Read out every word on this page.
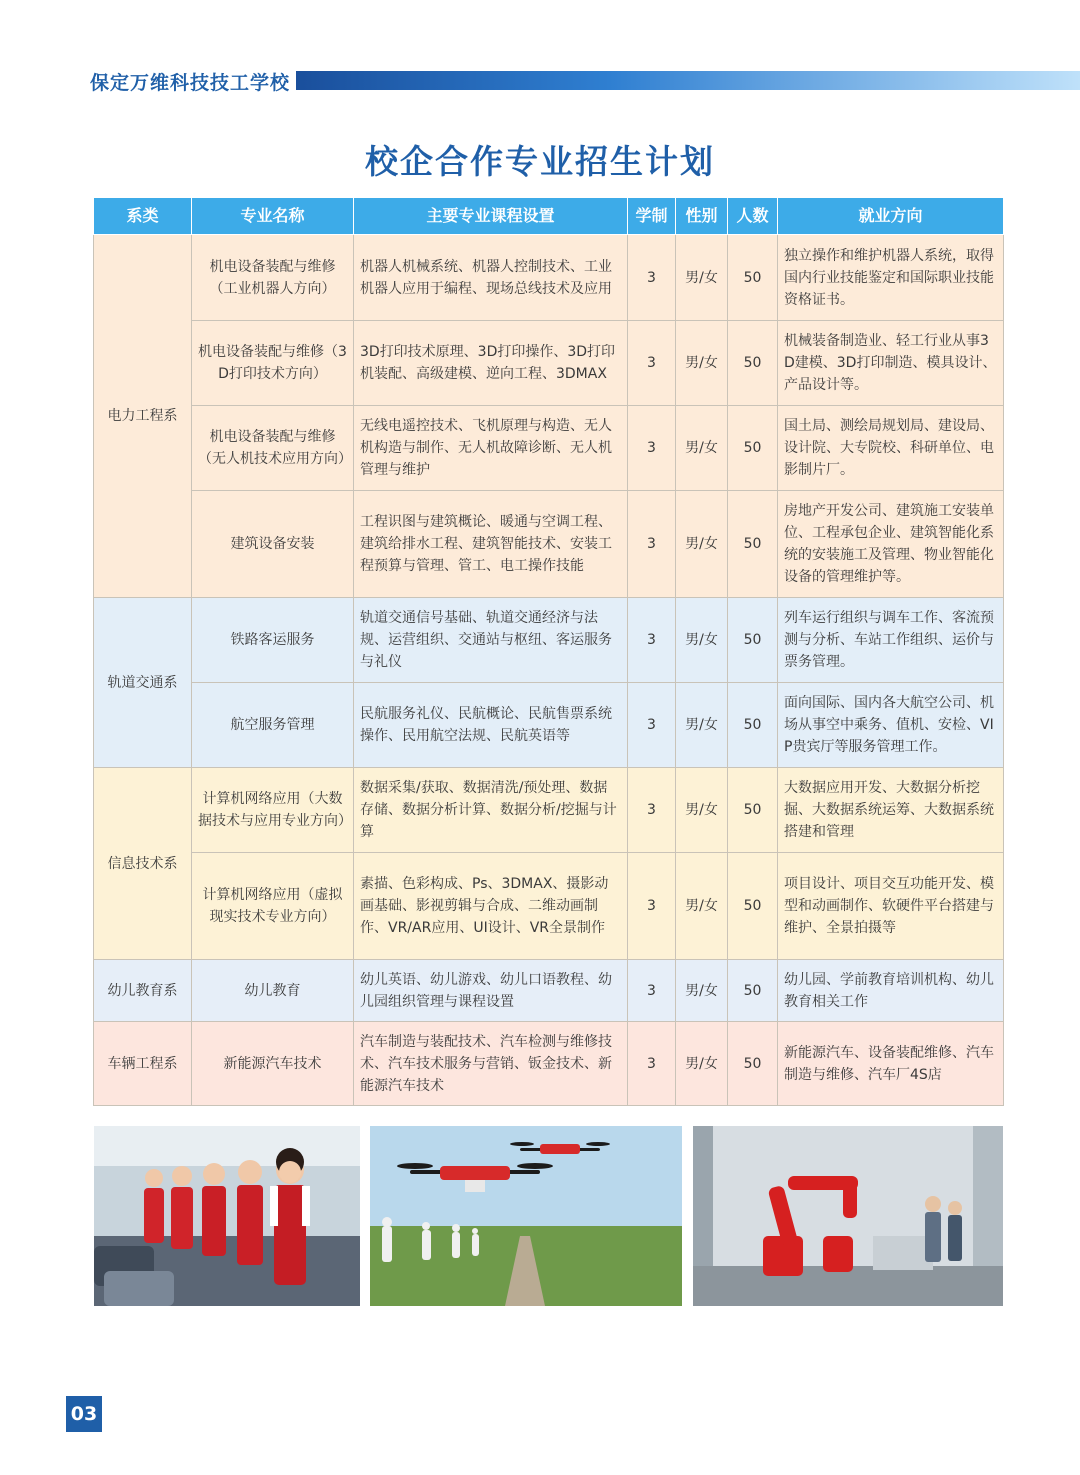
保定万维科技技工学校
校企合作专业招生计划
系类	专业名称	主要专业课程设置	学制	性别	人数	就业方向
电力工程系	机电设备装配与维修（工业机器人方向）	机器人机械系统、机器人控制技术、工业机器人应用于编程、现场总线技术及应用	3	男/女	50	独立操作和维护机器人系统，取得国内行业技能鉴定和国际职业技能资格证书。
	机电设备装配与维修（3D打印技术方向）	3D打印技术原理、3D打印操作、3D打印机装配、高级建模、逆向工程、3DMAX	3	男/女	50	机械装备制造业、轻工行业从事3D建模、3D打印制造、模具设计、产品设计等。
	机电设备装配与维修（无人机技术应用方向）	无线电遥控技术、飞机原理与构造、无人机构造与制作、无人机故障诊断、无人机管理与维护	3	男/女	50	国土局、测绘局规划局、建设局、设计院、大专院校、科研单位、电影制片厂。
	建筑设备安装	工程识图与建筑概论、暖通与空调工程、建筑给排水工程、建筑智能技术、安装工程预算与管理、管工、电工操作技能	3	男/女	50	房地产开发公司、建筑施工安装单位、工程承包企业、建筑智能化系统的安装施工及管理、物业智能化设备的管理维护等。
轨道交通系	铁路客运服务	轨道交通信号基础、轨道交通经济与法规、运营组织、交通站与枢纽、客运服务与礼仪	3	男/女	50	列车运行组织与调车工作、客流预测与分析、车站工作组织、运价与票务管理。
	航空服务管理	民航服务礼仪、民航概论、民航售票系统操作、民用航空法规、民航英语等	3	男/女	50	面向国际、国内各大航空公司、机场从事空中乘务、值机、安检、VIP贵宾厅等服务管理工作。
信息技术系	计算机网络应用（大数据技术与应用专业方向）	数据采集/获取、数据清洗/预处理、数据存储、数据分析计算、数据分析/挖掘与计算	3	男/女	50	大数据应用开发、大数据分析挖掘、大数据系统运筹、大数据系统搭建和管理
	计算机网络应用（虚拟现实技术专业方向）	素描、色彩构成、Ps、3DMAX、摄影动画基础、影视剪辑与合成、二维动画制作、VR/AR应用、UI设计、VR全景制作	3	男/女	50	项目设计、项目交互功能开发、模型和动画制作、软硬件平台搭建与维护、全景拍摄等
幼儿教育系	幼儿教育	幼儿英语、幼儿游戏、幼儿口语教程、幼儿园组织管理与课程设置	3	男/女	50	幼儿园、学前教育培训机构、幼儿教育相关工作
车辆工程系	新能源汽车技术	汽车制造与装配技术、汽车检测与维修技术、汽车技术服务与营销、钣金技术、新能源汽车技术	3	男/女	50	新能源汽车、设备装配维修、汽车制造与维修、汽车厂4S店
03
